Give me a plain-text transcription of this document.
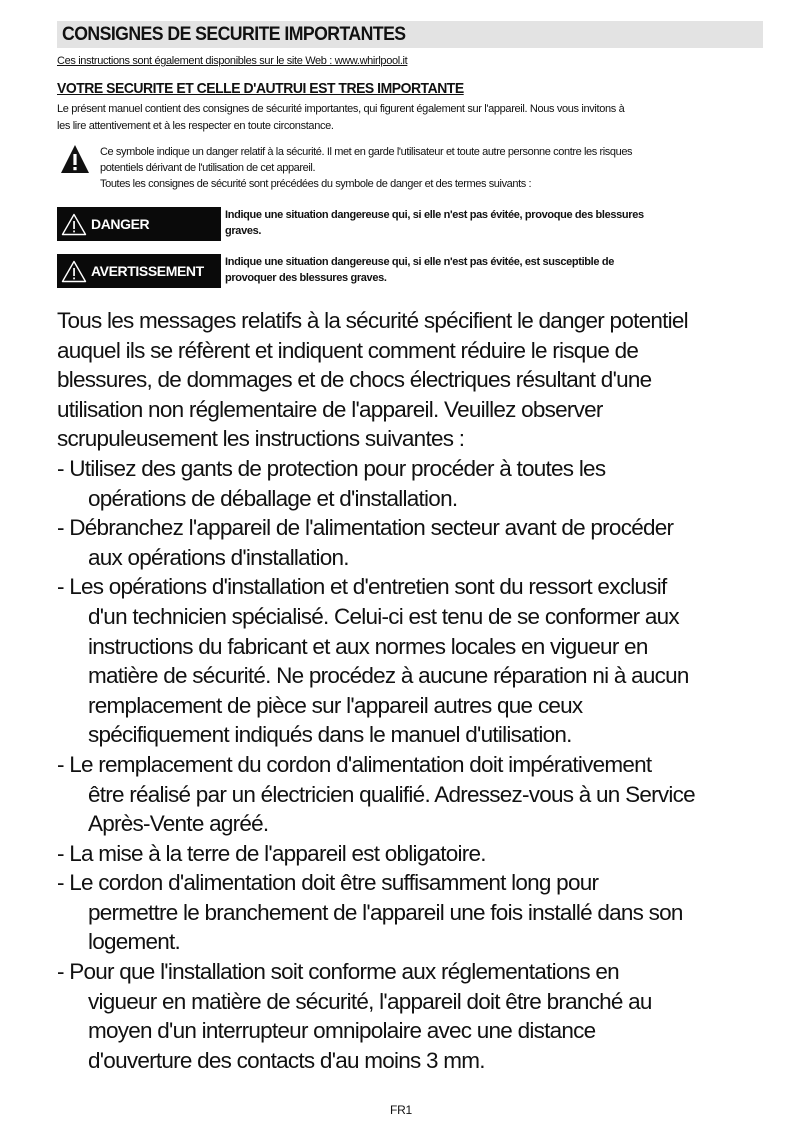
CONSIGNES DE SECURITE IMPORTANTES
Ces instructions sont également disponibles sur le site Web : www.whirlpool.it
VOTRE SECURITE ET CELLE D'AUTRUI EST TRES IMPORTANTE
Le présent manuel contient des consignes de sécurité importantes, qui figurent également sur l'appareil. Nous vous invitons à
les lire attentivement et à les respecter en toute circonstance.
Ce symbole indique un danger relatif à la sécurité. Il met en garde l'utilisateur et toute autre personne contre les risques
potentiels dérivant de l'utilisation de cet appareil.
Toutes les consignes de sécurité sont précédées du symbole de danger et des termes suivants :
DANGER
Indique une situation dangereuse qui, si elle n'est pas évitée, provoque des blessures
graves.
AVERTISSEMENT
Indique une situation dangereuse qui, si elle n'est pas évitée, est susceptible de
provoquer des blessures graves.
Tous les messages relatifs à la sécurité spécifient le danger potentiel
auquel ils se réfèrent et indiquent comment réduire le risque de
blessures, de dommages et de chocs électriques résultant d'une
utilisation non réglementaire de l'appareil. Veuillez observer
scrupuleusement les instructions suivantes :
- Utilisez des gants de protection pour procéder à toutes les
opérations de déballage et d'installation.
- Débranchez l'appareil de l'alimentation secteur avant de procéder
aux opérations d'installation.
- Les opérations d'installation et d'entretien sont du ressort exclusif
d'un technicien spécialisé. Celui-ci est tenu de se conformer aux
instructions du fabricant et aux normes locales en vigueur en
matière de sécurité. Ne procédez à aucune réparation ni à aucun
remplacement de pièce sur l'appareil autres que ceux
spécifiquement indiqués dans le manuel d'utilisation.
- Le remplacement du cordon d'alimentation doit impérativement
être réalisé par un électricien qualifié. Adressez-vous à un Service
Après-Vente agréé.
- La mise à la terre de l'appareil est obligatoire.
- Le cordon d'alimentation doit être suffisamment long pour
permettre le branchement de l'appareil une fois installé dans son
logement.
- Pour que l'installation soit conforme aux réglementations en
vigueur en matière de sécurité, l'appareil doit être branché au
moyen d'un interrupteur omnipolaire avec une distance
d'ouverture des contacts d'au moins 3 mm.
FR1
